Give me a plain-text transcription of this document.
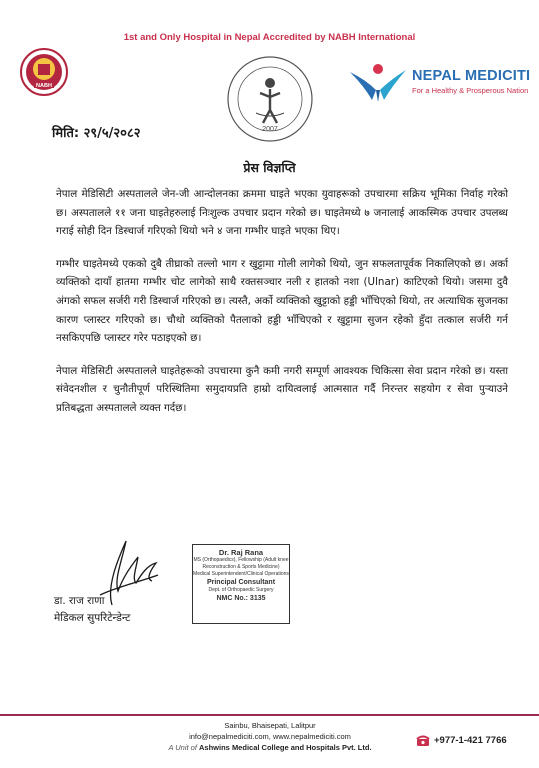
1st and Only Hospital in Nepal Accredited by NABH International
NABH
2007
NEPAL MEDICITI
For a Healthy & Prosperous Nation
मिति: २९/५/२०८२
प्रेस विज्ञप्ति

नेपाल मेडिसिटी अस्पतालले जेन-जी आन्दोलनका क्रममा घाइते भएका युवाहरूको उपचारमा सक्रिय भूमिका निर्वाह गरेको छ। अस्पतालले ११ जना घाइतेहरुलाई निःशुल्क उपचार प्रदान गरेको छ। घाइतेमध्ये ७ जनालाई आकस्मिक उपचार उपलब्ध गराई सोही दिन डिस्चार्ज गरिएको थियो भने ४ जना गम्भीर घाइते भएका थिए।

गम्भीर घाइतेमध्ये एकको दुबै तीघ्राको तल्लो भाग र खुट्टामा गोली लागेको थियो, जुन सफलतापूर्वक निकालिएको छ। अर्का व्यक्तिको दायाँ हातमा गम्भीर चोट लागेको साथै रक्तसञ्चार नली र हातको नशा (Ulnar) काटिएको थियो। जसमा दुवै अंगको सफल सर्जरी गरी डिस्चार्ज गरिएको छ। त्यस्तै, अर्को व्यक्तिको खुट्टाको हड्डी भाँचिएको थियो, तर अत्याधिक सुजनका कारण प्लास्टर गरिएको छ। चौथो व्यक्तिको पैतलाको हड्डी भाँचिएको र खुट्टामा सुजन रहेको हुँदा तत्काल सर्जरी गर्न नसकिएपछि प्लास्टर गरेर पठाइएको छ।

नेपाल मेडिसिटी अस्पतालले घाइतेहरूको उपचारमा कुनै कमी नगरी सम्पूर्ण आवश्यक चिकित्सा सेवा प्रदान गरेको छ। यस्ता संवेदनशील र चुनौतीपूर्ण परिस्थितिमा समुदायप्रति हाम्रो दायित्वलाई आत्मसात गर्दै निरन्तर सहयोग र सेवा पुर्‍याउने प्रतिबद्धता अस्पतालले व्यक्त गर्दछ।

Dr. Raj Rana
MS (Orthopaedics), Fellowship (Adult knee
Reconstruction & Sports Medicine)
Medical Superintendent/Clinical Operations
Principal Consultant
Dept. of Orthopaedic Surgery
NMC No.: 3135
डा. राज राणा
मेडिकल सुपरिटेन्डेन्ट
Sainbu, Bhaisepati, Lalitpur
info@nepalmediciti.com, www.nepalmediciti.com
A Unit of Ashwins Medical College and Hospitals Pvt. Ltd.
+977-1-421 7766
